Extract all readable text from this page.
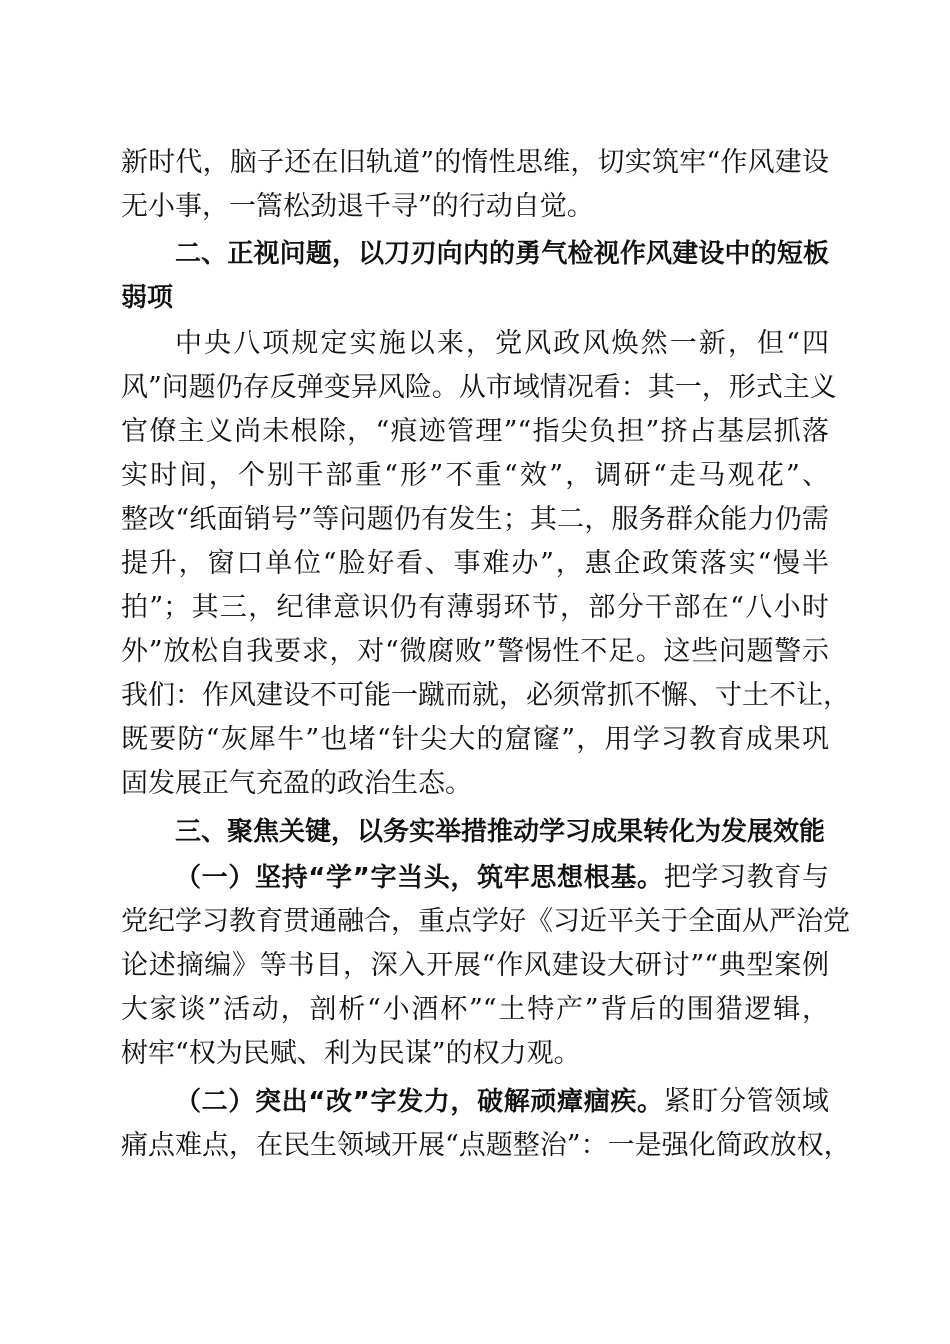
新时代，脑子还在旧轨道”的惰性思维，切实筑牢“作风建设
无小事，一篙松劲退千寻”的行动自觉。
二、正视问题，以刀刃向内的勇气检视作风建设中的短板
弱项
中央八项规定实施以来，党风政风焕然一新，但“四
风”问题仍存反弹变异风险。从市域情况看：其一，形式主义
官僚主义尚未根除，“痕迹管理”“指尖负担”挤占基层抓落
实时间，个别干部重“形”不重“效”，调研“走马观花”、
整改“纸面销号”等问题仍有发生；其二，服务群众能力仍需
提升，窗口单位“脸好看、事难办”，惠企政策落实“慢半
拍”；其三，纪律意识仍有薄弱环节，部分干部在“八小时
外”放松自我要求，对“微腐败”警惕性不足。这些问题警示
我们：作风建设不可能一蹴而就，必须常抓不懈、寸土不让，
既要防“灰犀牛”也堵“针尖大的窟窿”，用学习教育成果巩
固发展正气充盈的政治生态。
三、聚焦关键，以务实举措推动学习成果转化为发展效能
（一）坚持“学”字当头，筑牢思想根基。把学习教育与
党纪学习教育贯通融合，重点学好《习近平关于全面从严治党
论述摘编》等书目，深入开展“作风建设大研讨”“典型案例
大家谈”活动，剖析“小酒杯”“土特产”背后的围猎逻辑，
树牢“权为民赋、利为民谋”的权力观。
（二）突出“改”字发力，破解顽瘴痼疾。紧盯分管领域
痛点难点，在民生领域开展“点题整治”：一是强化简政放权，
